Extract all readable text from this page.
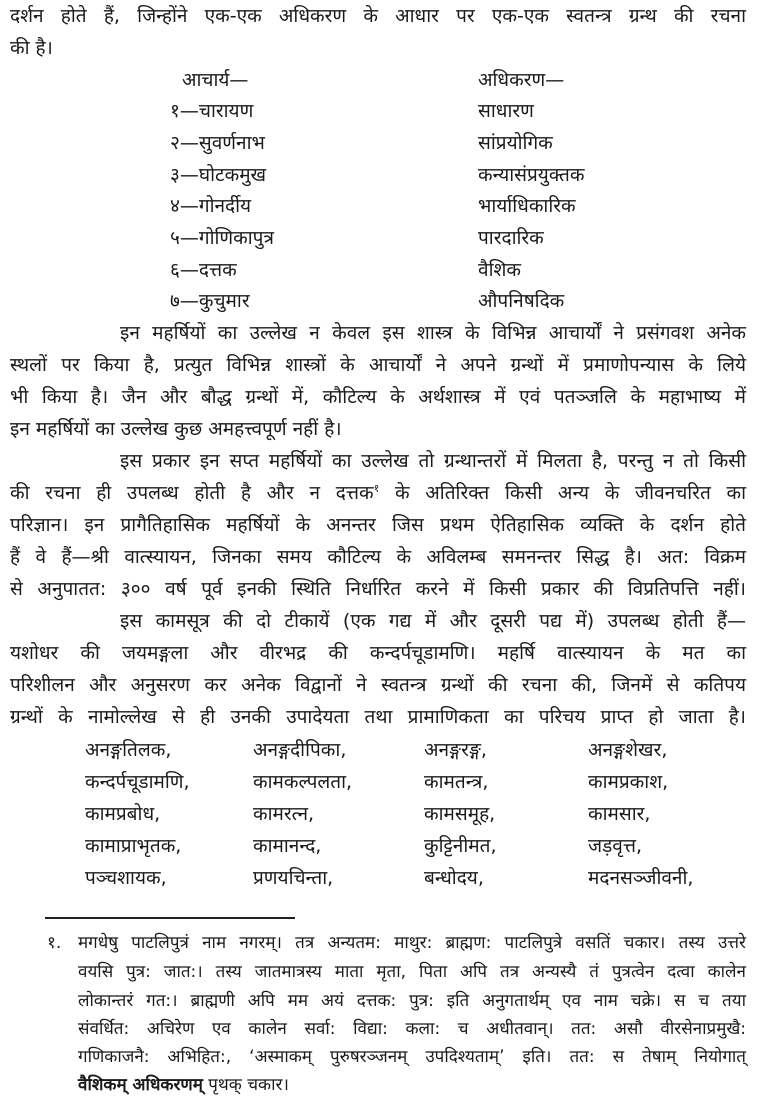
दर्शन होते हैं, जिन्होंने एक-एक अधिकरण के आधार पर एक-एक स्वतन्त्र ग्रन्थ की रचना
की है।
आचार्य—	अधिकरण—
१—चारायण	साधारण
२—सुवर्णनाभ	सांप्रयोगिक
३—घोटकमुख	कन्यासंप्रयुक्तक
४—गोनर्दीय	भार्याधिकारिक
५—गोणिकापुत्र	पारदारिक
६—दत्तक	वैशिक
७—कुचुमार	औपनिषदिक
इन महर्षियों का उल्लेख न केवल इस शास्त्र के विभिन्न आचार्यों ने प्रसंगवश अनेक
स्थलों पर किया है, प्रत्युत विभिन्न शास्त्रों के आचार्यों ने अपने ग्रन्थों में प्रमाणोपन्यास के लिये
भी किया है। जैन और बौद्ध ग्रन्थों में, कौटिल्य के अर्थशास्त्र में एवं पतञ्जलि के महाभाष्य में
इन महर्षियों का उल्लेख कुछ अमहत्त्वपूर्ण नहीं है।
इस प्रकार इन सप्त महर्षियों का उल्लेख तो ग्रन्थान्तरों में मिलता है, परन्तु न तो किसी
की रचना ही उपलब्ध होती है और न दत्तक$^१$ के अतिरिक्त किसी अन्य के जीवनचरित का
परिज्ञान। इन प्रागैतिहासिक महर्षियों के अनन्तर जिस प्रथम ऐतिहासिक व्यक्ति के दर्शन होते
हैं वे हैं—श्री वात्स्यायन, जिनका समय कौटिल्य के अविलम्ब समनन्तर सिद्ध है। अत: विक्रम
से अनुपातत: ३०० वर्ष पूर्व इनकी स्थिति निर्धारित करने में किसी प्रकार की विप्रतिपत्ति नहीं।
इस कामसूत्र की दो टीकायें (एक गद्य में और दूसरी पद्य में) उपलब्ध होती हैं—
यशोधर की जयमङ्गला और वीरभद्र की कन्दर्पचूडामणि। महर्षि वात्स्यायन के मत का
परिशीलन और अनुसरण कर अनेक विद्वानों ने स्वतन्त्र ग्रन्थों की रचना की, जिनमें से कतिपय
ग्रन्थों के नामोल्लेख से ही उनकी उपादेयता तथा प्रामाणिकता का परिचय प्राप्त हो जाता है।
अनङ्गतिलक,	अनङ्गदीपिका,	अनङ्गरङ्ग,	अनङ्गशेखर,
कन्दर्पचूडामणि,	कामकल्पलता,	कामतन्त्र,	कामप्रकाश,
कामप्रबोध,	कामरत्न,	कामसमूह,	कामसार,
कामाप्राभृतक,	कामानन्द,	कुट्टिनीमत,	जड़वृत्त,
पञ्चशायक,	प्रणयचिन्ता,	बन्धोदय,	मदनसञ्जीवनी,
१. मगधेषु पाटलिपुत्रं नाम नगरम्। तत्र अन्यतम: माथुर: ब्राह्मण: पाटलिपुत्रे वसतिं चकार। तस्य उत्तरे
वयसि पुत्र: जात:। तस्य जातमात्रस्य माता मृता, पिता अपि तत्र अन्यस्यै तं पुत्रत्वेन दत्वा कालेन
लोकान्तरं गत:। ब्राह्मणी अपि मम अयं दत्तक: पुत्र: इति अनुगतार्थम् एव नाम चक्रे। स च तया
संवर्धित: अचिरेण एव कालेन सर्वा: विद्या: कला: च अधीतवान्। तत: असौ वीरसेनाप्रमुखै:
गणिकाजनै: अभिहित:, ‘अस्माकम् पुरुषरञ्जनम् उपदिश्यताम्’ इति। तत: स तेषाम् नियोगात्
वैशिकम् अधिकरणम् पृथक् चकार।
